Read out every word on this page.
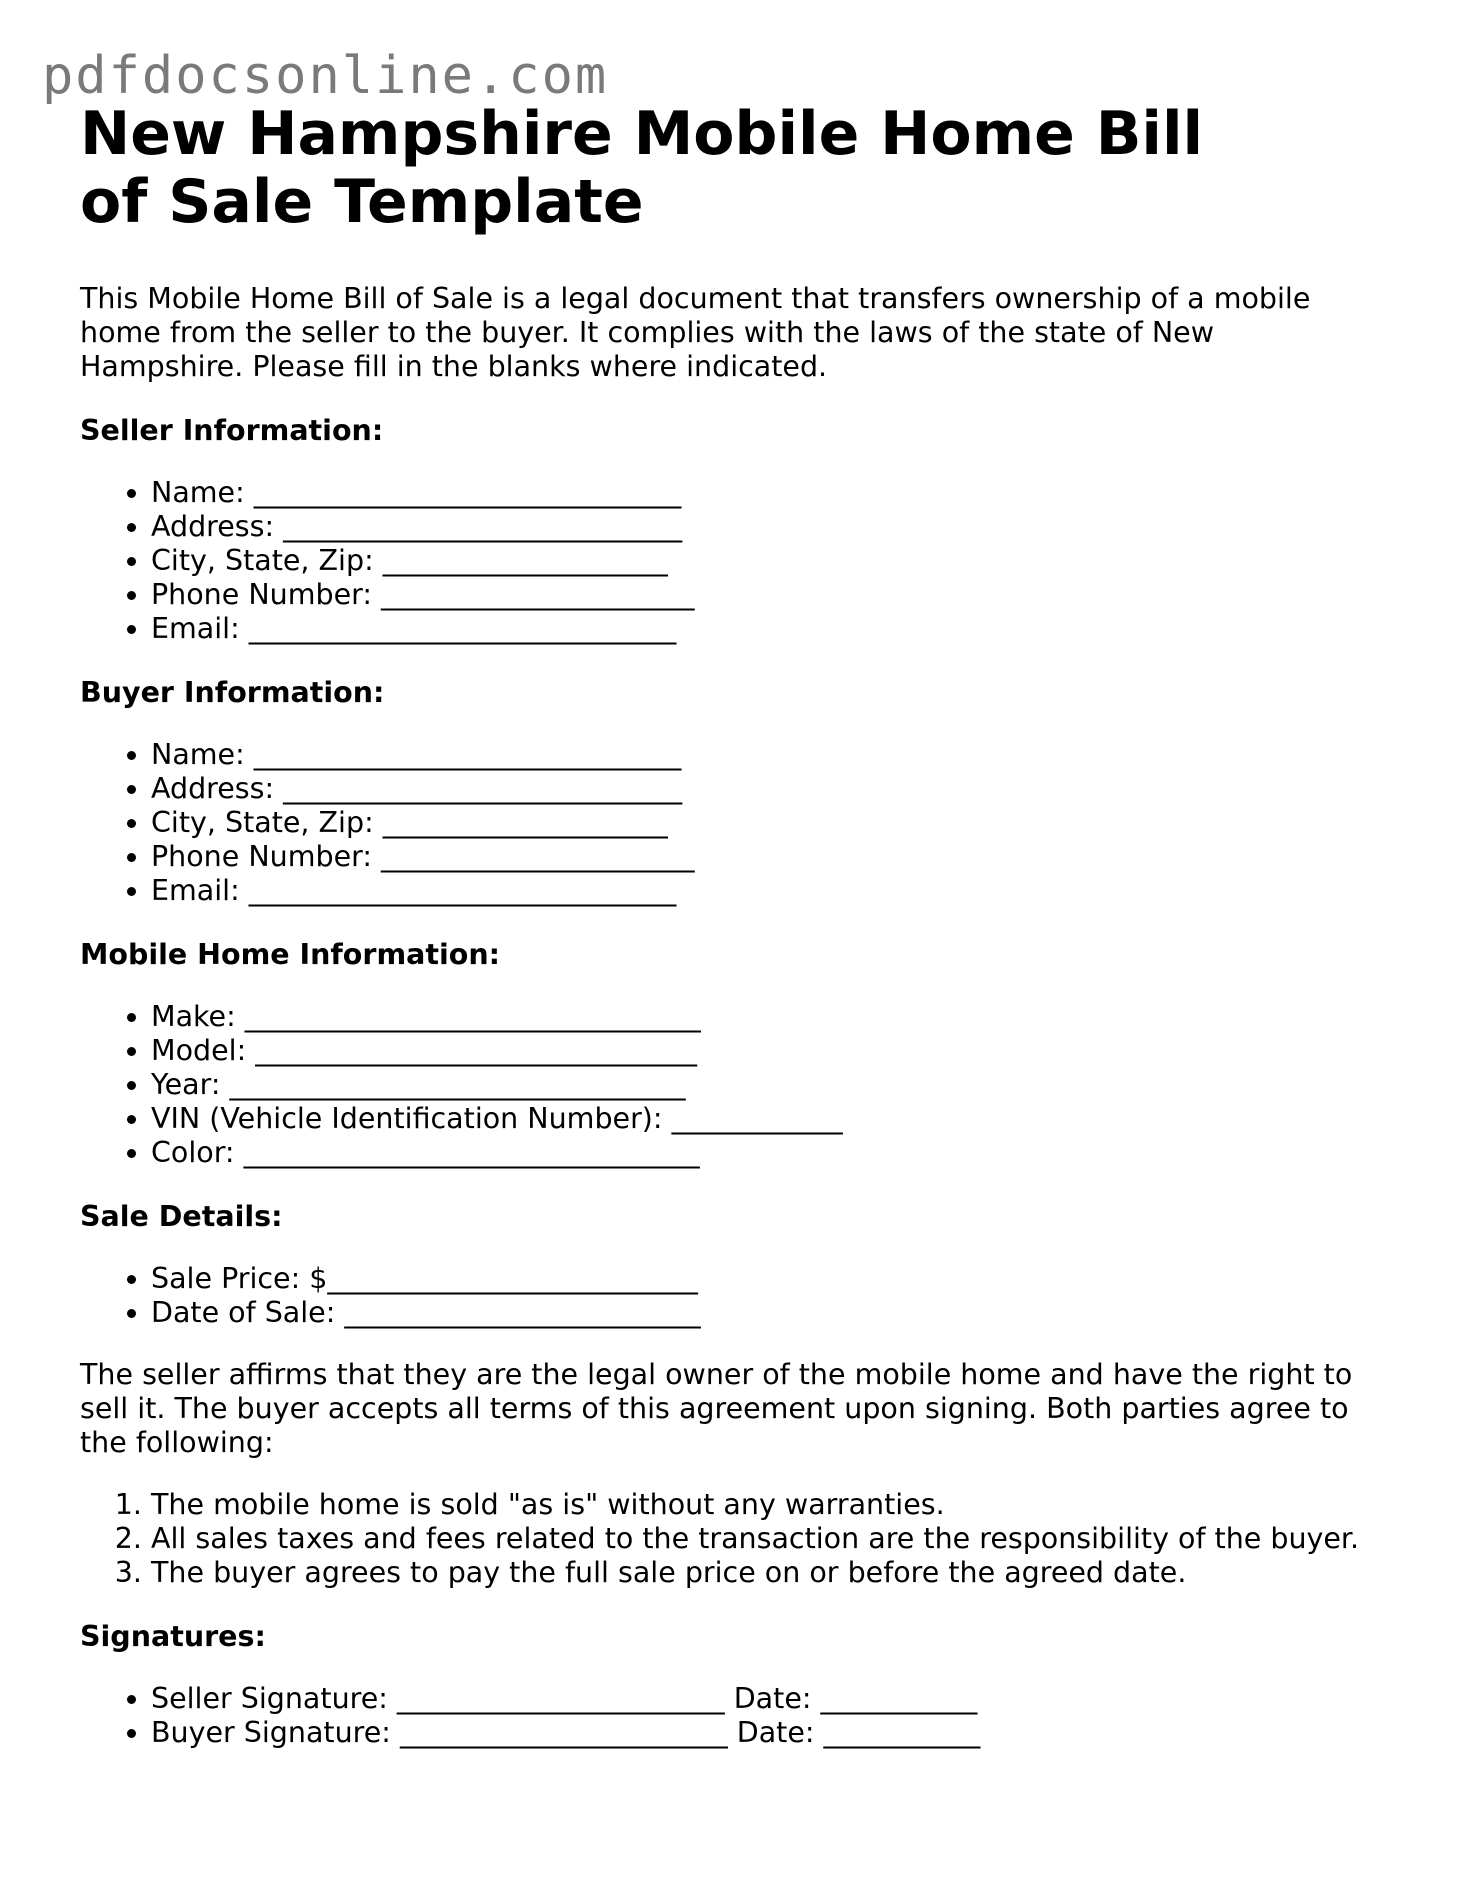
pdfdocsonline.com
New Hampshire Mobile Home Bill of Sale Template

This Mobile Home Bill of Sale is a legal document that transfers ownership of a mobile home from the seller to the buyer. It complies with the laws of the state of New Hampshire. Please fill in the blanks where indicated.

Seller Information:
• Name: ______________________________
• Address: ____________________________
• City, State, Zip: ____________________
• Phone Number: ______________________
• Email: ______________________________
Buyer Information:
• Name: ______________________________
• Address: ____________________________
• City, State, Zip: ____________________
• Phone Number: ______________________
• Email: ______________________________
Mobile Home Information:
• Make: ________________________________
• Model: _______________________________
• Year: ________________________________
• VIN (Vehicle Identification Number): ____________
• Color: ________________________________
Sale Details:
• Sale Price: $__________________________
• Date of Sale: _________________________

The seller affirms that they are the legal owner of the mobile home and have the right to sell it. The buyer accepts all terms of this agreement upon signing. Both parties agree to the following:

1. The mobile home is sold "as is" without any warranties.
2. All sales taxes and fees related to the transaction are the responsibility of the buyer.
3. The buyer agrees to pay the full sale price on or before the agreed date.
Signatures:
• Seller Signature: _______________________ Date: ___________
• Buyer Signature: _______________________ Date: ___________
